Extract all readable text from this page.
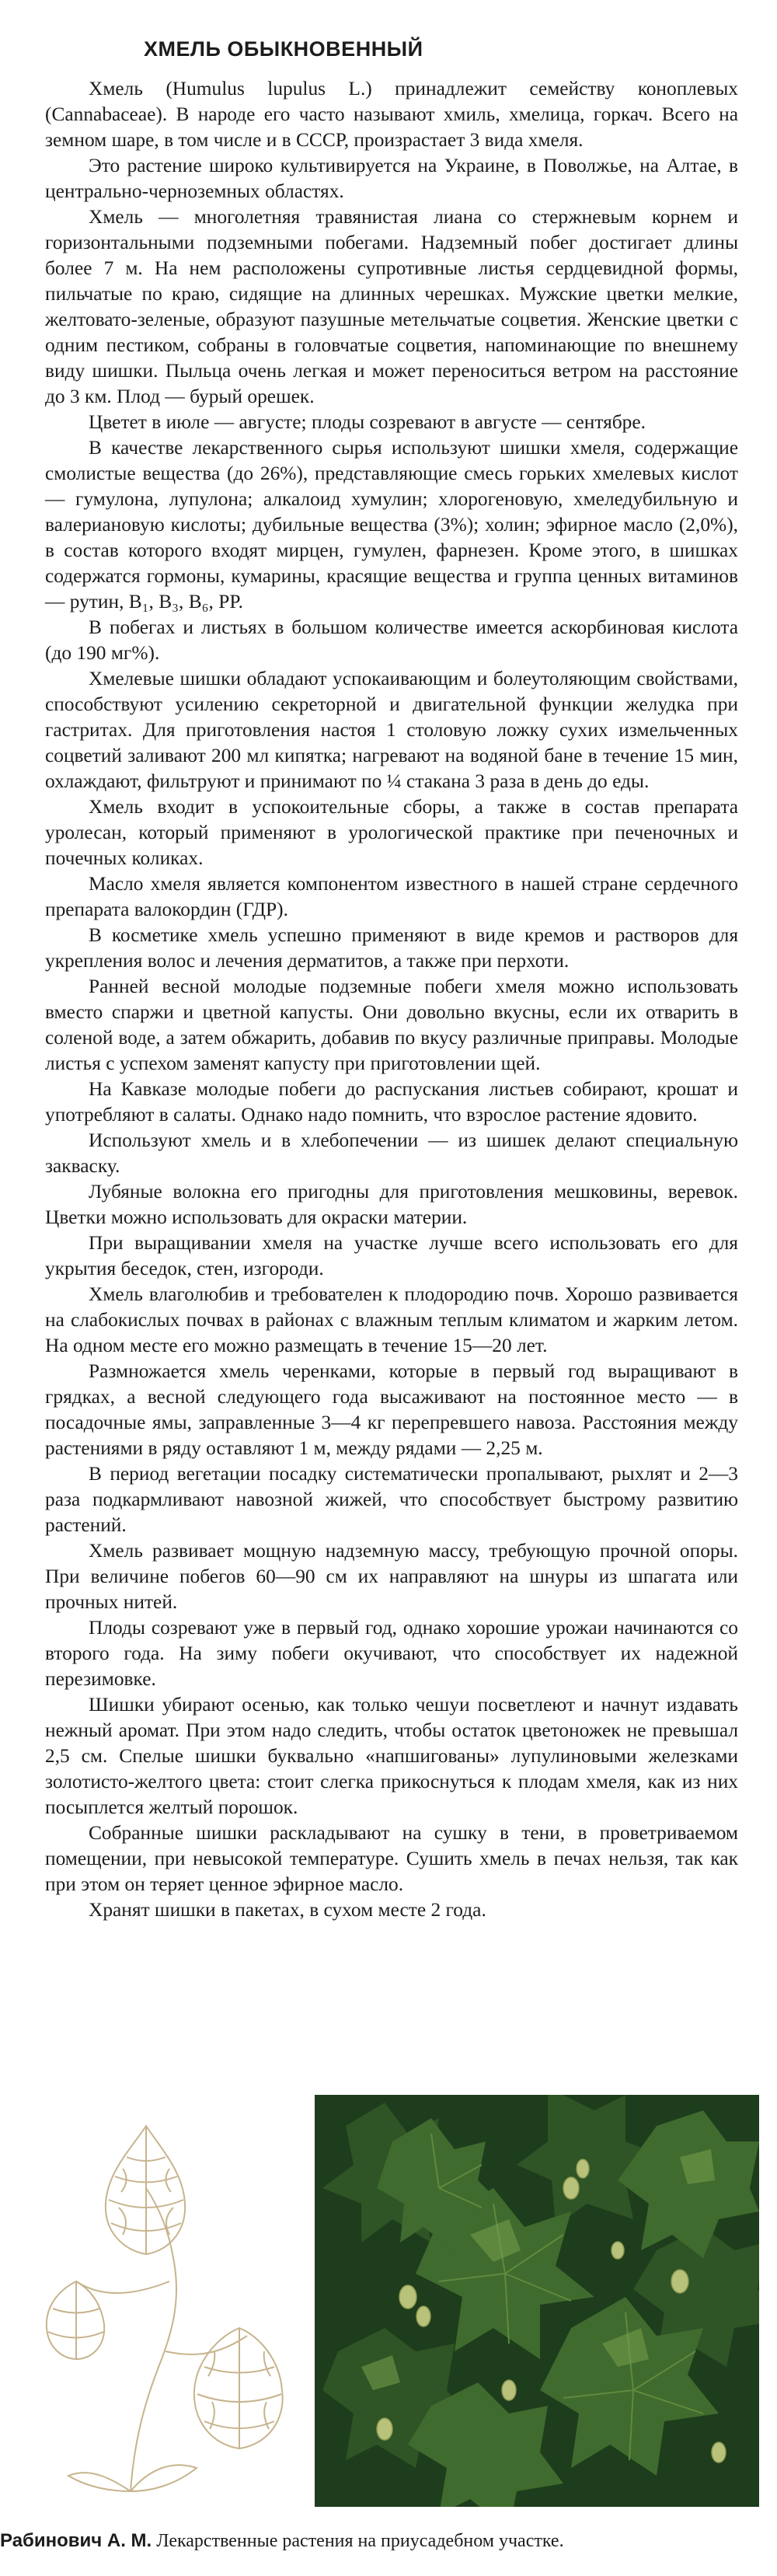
ХМЕЛЬ ОБЫКНОВЕННЫЙ

Хмель (Humulus lupulus L.) принадлежит семейству коноплевых (Cannabaceae). В народе его часто называют хмиль, хмелица, горкач. Всего на земном шаре, в том числе и в СССР, произрастает 3 вида хмеля.

Это растение широко культивируется на Украине, в Поволжье, на Алтае, в центрально-черноземных областях.

Хмель — многолетняя травянистая лиана со стержневым корнем и горизонтальными подземными побегами. Надземный побег достигает длины более 7 м. На нем расположены супротивные листья сердцевидной формы, пильчатые по краю, сидящие на длинных черешках. Мужские цветки мелкие, желтовато-зеленые, образуют пазушные метельчатые соцветия. Женские цветки с одним пестиком, собраны в головчатые соцветия, напоминающие по внешнему виду шишки. Пыльца очень легкая и может переноситься ветром на расстояние до 3 км. Плод — бурый орешек.

Цветет в июле — августе; плоды созревают в августе — сентябре.

В качестве лекарственного сырья используют шишки хмеля, содержащие смолистые вещества (до 26%), представляющие смесь горьких хмелевых кислот — гумулона, лупулона; алкалоид хумулин; хлорогеновую, хмеледубильную и валериановую кислоты; дубильные вещества (3%); холин; эфирное масло (2,0%), в состав которого входят мирцен, гумулен, фарнезен. Кроме этого, в шишках содержатся гормоны, кумарины, красящие вещества и группа ценных витаминов — рутин, B₁, B₃, B₆, PP.

В побегах и листьях в большом количестве имеется аскорбиновая кислота (до 190 мг%).

Хмелевые шишки обладают успокаивающим и болеутоляющим свойствами, способствуют усилению секреторной и двигательной функции желудка при гастритах. Для приготовления настоя 1 столовую ложку сухих измельченных соцветий заливают 200 мл кипятка; нагревают на водяной бане в течение 15 мин, охлаждают, фильтруют и принимают по ¼ стакана 3 раза в день до еды.

Хмель входит в успокоительные сборы, а также в состав препарата уролесан, который применяют в урологической практике при печеночных и почечных коликах.

Масло хмеля является компонентом известного в нашей стране сердечного препарата валокордин (ГДР).

В косметике хмель успешно применяют в виде кремов и растворов для укрепления волос и лечения дерматитов, а также при перхоти.

Ранней весной молодые подземные побеги хмеля можно использовать вместо спаржи и цветной капусты. Они довольно вкусны, если их отварить в соленой воде, а затем обжарить, добавив по вкусу различные приправы. Молодые листья с успехом заменят капусту при приготовлении щей.

На Кавказе молодые побеги до распускания листьев собирают, крошат и употребляют в салаты. Однако надо помнить, что взрослое растение ядовито.

Используют хмель и в хлебопечении — из шишек делают специальную закваску.

Лубяные волокна его пригодны для приготовления мешковины, веревок. Цветки можно использовать для окраски материи.

При выращивании хмеля на участке лучше всего использовать его для укрытия беседок, стен, изгороди.

Хмель влаголюбив и требователен к плодородию почв. Хорошо развивается на слабокислых почвах в районах с влажным теплым климатом и жарким летом. На одном месте его можно размещать в течение 15—20 лет.

Размножается хмель черенками, которые в первый год выращивают в грядках, а весной следующего года высаживают на постоянное место — в посадочные ямы, заправленные 3—4 кг перепревшего навоза. Расстояния между растениями в ряду оставляют 1 м, между рядами — 2,25 м.

В период вегетации посадку систематически пропалывают, рыхлят и 2—3 раза подкармливают навозной жижей, что способствует быстрому развитию растений.

Хмель развивает мощную надземную массу, требующую прочной опоры. При величине побегов 60—90 см их направляют на шнуры из шпагата или прочных нитей.

Плоды созревают уже в первый год, однако хорошие урожаи начинаются со второго года. На зиму побеги окучивают, что способствует их надежной перезимовке.

Шишки убирают осенью, как только чешуи посветлеют и начнут издавать нежный аромат. При этом надо следить, чтобы остаток цветоножек не превышал 2,5 см. Спелые шишки буквально «напшигованы» лупулиновыми железками золотисто-желтого цвета: стоит слегка прикоснуться к плодам хмеля, как из них посыплется желтый порошок.

Собранные шишки раскладывают на сушку в тени, в проветриваемом помещении, при невысокой температуре. Сушить хмель в печах нельзя, так как при этом он теряет ценное эфирное масло.

Хранят шишки в пакетах, в сухом месте 2 года.

Рабинович А. М. Лекарственные растения на приусадебном участке.
